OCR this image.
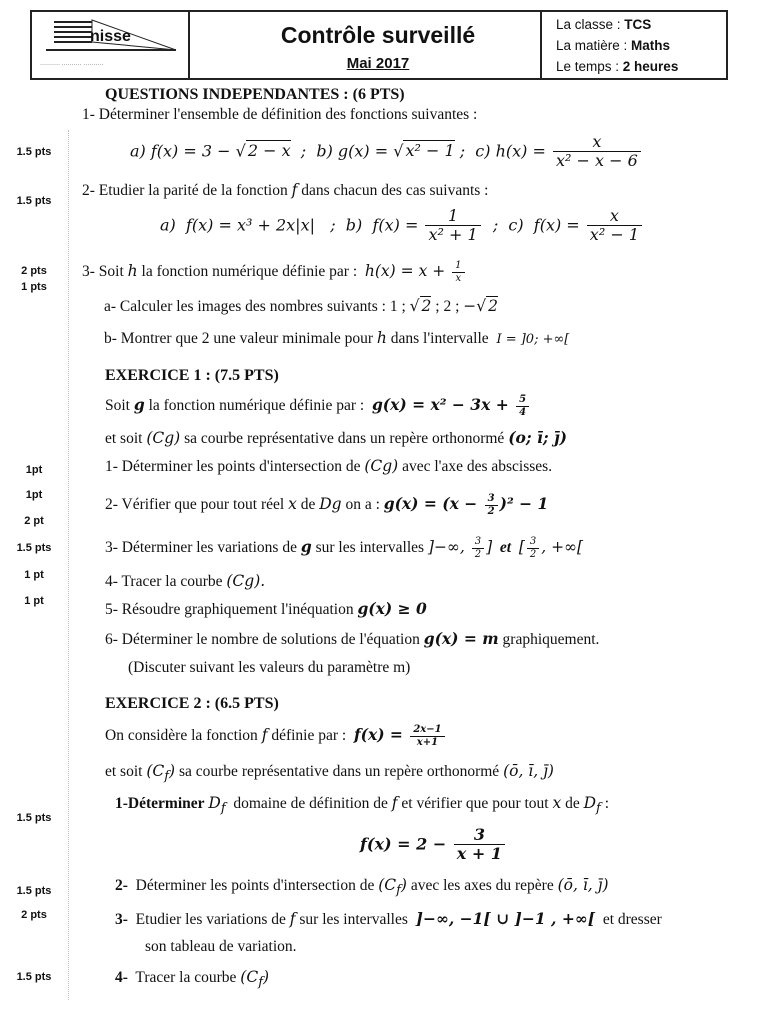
nisse
·········· ·········· ··········
Contrôle surveillé
Mai 2017
La classe : TCS
La matière : Maths
Le temps : 2 heures
1.5 pts
1.5 pts
2 pts
1 pts
1pt
1pt
2 pt
1.5 pts
1 pt
1 pt
1.5 pts
1.5 pts
2 pts
1.5 pts
QUESTIONS INDEPENDANTES : (6 PTS)
1- Déterminer l'ensemble de définition des fonctions suivantes :
a) f(x) = 3 − √ 2 − x  ;  b) g(x) = √ x² − 1 ;  c) $h(x) = \frac{x}{\text{x² − x − 6}}$
2- Etudier la parité de la fonction f dans chacun des cas suivants :
a)  f(x) = x³ + 2x|x|   ;  b)  $f(x) = \frac{1}{\text{x² + 1}}$ ;  c)  $f(x) = \frac{x}{\text{x² − 1}}$
3- Soit h la fonction numérique définie par : $h(x) = x + \frac{1}{x}$
a- Calculer les images des nombres suivants : 1 ; √ 2 ; 2 ; −√ 2
b- Montrer que 2 une valeur minimale pour h dans l'intervalle I = ]0; +∞[
EXERCICE 1 : (7.5 PTS)
Soit g la fonction numérique définie par : $g(x) = x^2 - 3x + \frac{5}{4}$
et soit (Cg) sa courbe représentative dans un repère orthonormé (o; ī; j̄)
1- Déterminer les points d'intersection de (Cg) avec l'axe des abscisses.
2- Vérifier que pour tout réel x de Dg on a : $g(x) = (x - \frac{3}{2} )^2 - 1$
3- Déterminer les variations de g sur les intervalles ]−∞, $\frac{3}{2}$ ] et [ $\frac{3}{2}$ , +∞[
4- Tracer la courbe (Cg).
5- Résoudre graphiquement l'inéquation g(x) ≥ 0
6- Déterminer le nombre de solutions de l'équation g(x) = m graphiquement.
(Discuter suivant les valeurs du paramètre m)
EXERCICE 2 : (6.5 PTS)
On considère la fonction f définie par : $f(x) = \frac{2x-1}{x+1}$
et soit $(C_f)$ sa courbe représentative dans un repère orthonormé (ō, ī, j̄)
1-Déterminer $D_f$ domaine de définition de f et vérifier que pour tout x de $D_f$ :
$f(x) = 2 - \frac{3}{x + 1}$
2- Déterminer les points d'intersection de $(C_f)$ avec les axes du repère (ō, ī, j̄)
3- Etudier les variations de f sur les intervalles ]−∞, −1[ ∪ ]−1 , +∞[ et dresser
son tableau de variation.
4- Tracer la courbe $(C_f)$
